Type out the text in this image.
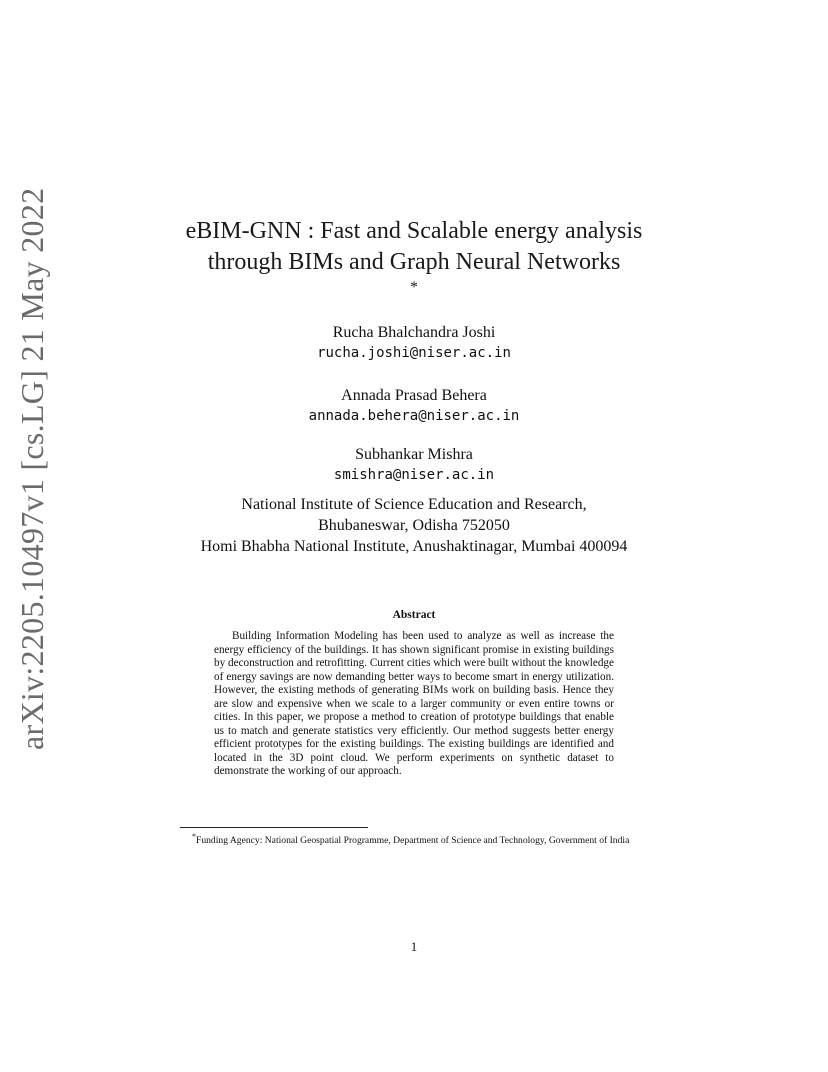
arXiv:2205.10497v1 [cs.LG] 21 May 2022	eBIM-GNN : Fast and Scalable energy analysis
through BIMs and Graph Neural Networks
*
Rucha Bhalchandra Joshi
rucha.joshi@niser.ac.in
Annada Prasad Behera
annada.behera@niser.ac.in
Subhankar Mishra
smishra@niser.ac.in
National Institute of Science Education and Research,
Bhubaneswar, Odisha 752050
Homi Bhabha National Institute, Anushaktinagar, Mumbai 400094
Abstract
Building Information Modeling has been used to analyze as well as increase the energy efficiency of the buildings. It has shown significant promise in existing buildings by deconstruction and retrofitting. Current cities which were built without the knowledge of energy savings are now demanding better ways to become smart in energy utilization. However, the existing methods of generating BIMs work on building basis. Hence they are slow and expensive when we scale to a larger community or even entire towns or cities. In this paper, we propose a method to creation of prototype buildings that enable us to match and generate statistics very efficiently. Our method suggests better energy efficient prototypes for the existing buildings. The existing buildings are identified and located in the 3D point cloud. We perform experiments on synthetic dataset to demonstrate the working of our approach.
*Funding Agency: National Geospatial Programme, Department of Science and Technology, Government of India
1
